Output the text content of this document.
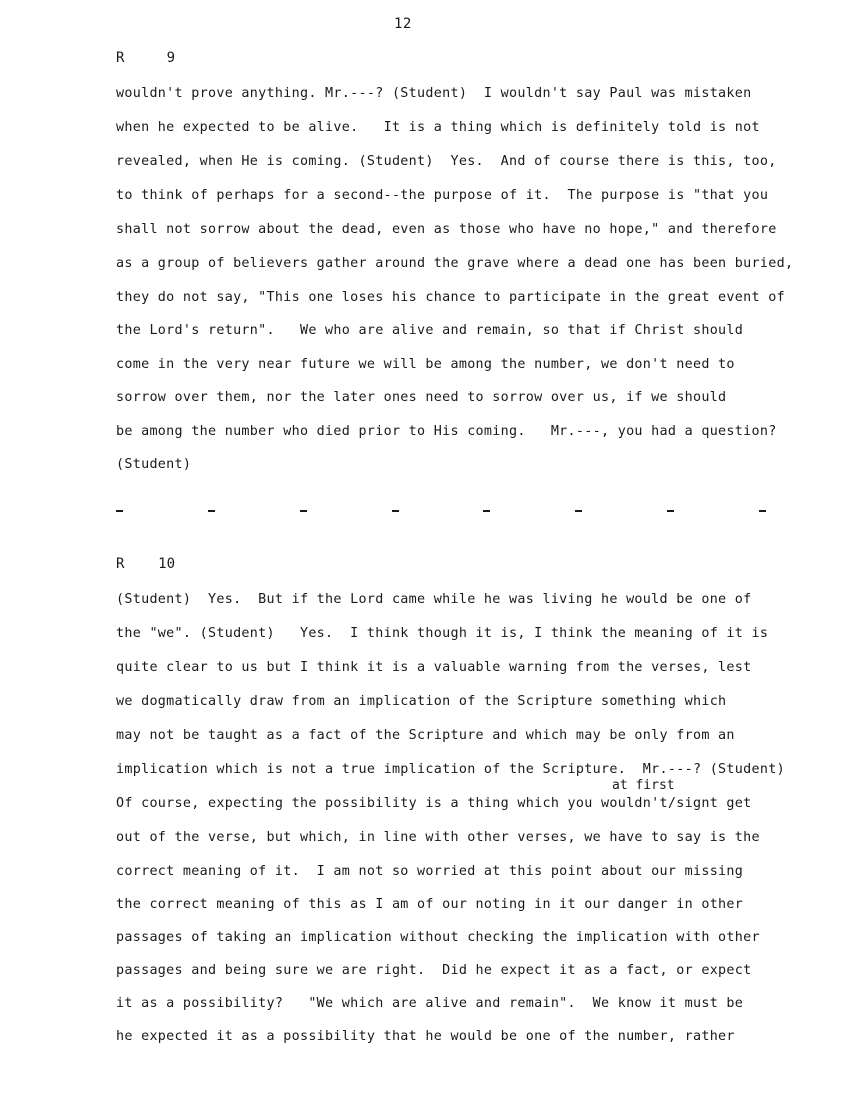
12
R     9
wouldn't prove anything. Mr.---? (Student)  I wouldn't say Paul was mistaken
when he expected to be alive.   It is a thing which is definitely told is not
revealed, when He is coming. (Student)  Yes.  And of course there is this, too,
to think of perhaps for a second--the purpose of it.  The purpose is "that you
shall not sorrow about the dead, even as those who have no hope," and therefore
as a group of believers gather around the grave where a dead one has been buried,
they do not say, "This one loses his chance to participate in the great event of
the Lord's return".   We who are alive and remain, so that if Christ should
come in the very near future we will be among the number, we don't need to
sorrow over them, nor the later ones need to sorrow over us, if we should
be among the number who died prior to His coming.   Mr.---, you had a question?
(Student)
R    10
(Student)  Yes.  But if the Lord came while he was living he would be one of
the "we". (Student)   Yes.  I think though it is, I think the meaning of it is
quite clear to us but I think it is a valuable warning from the verses, lest
we dogmatically draw from an implication of the Scripture something which
may not be taught as a fact of the Scripture and which may be only from an
implication which is not a true implication of the Scripture.  Mr.---? (Student)
at first
Of course, expecting the possibility is a thing which you wouldn't/signt get
out of the verse, but which, in line with other verses, we have to say is the
correct meaning of it.  I am not so worried at this point about our missing
the correct meaning of this as I am of our noting in it our danger in other
passages of taking an implication without checking the implication with other
passages and being sure we are right.  Did he expect it as a fact, or expect
it as a possibility?   "We which are alive and remain".  We know it must be
he expected it as a possibility that he would be one of the number, rather
